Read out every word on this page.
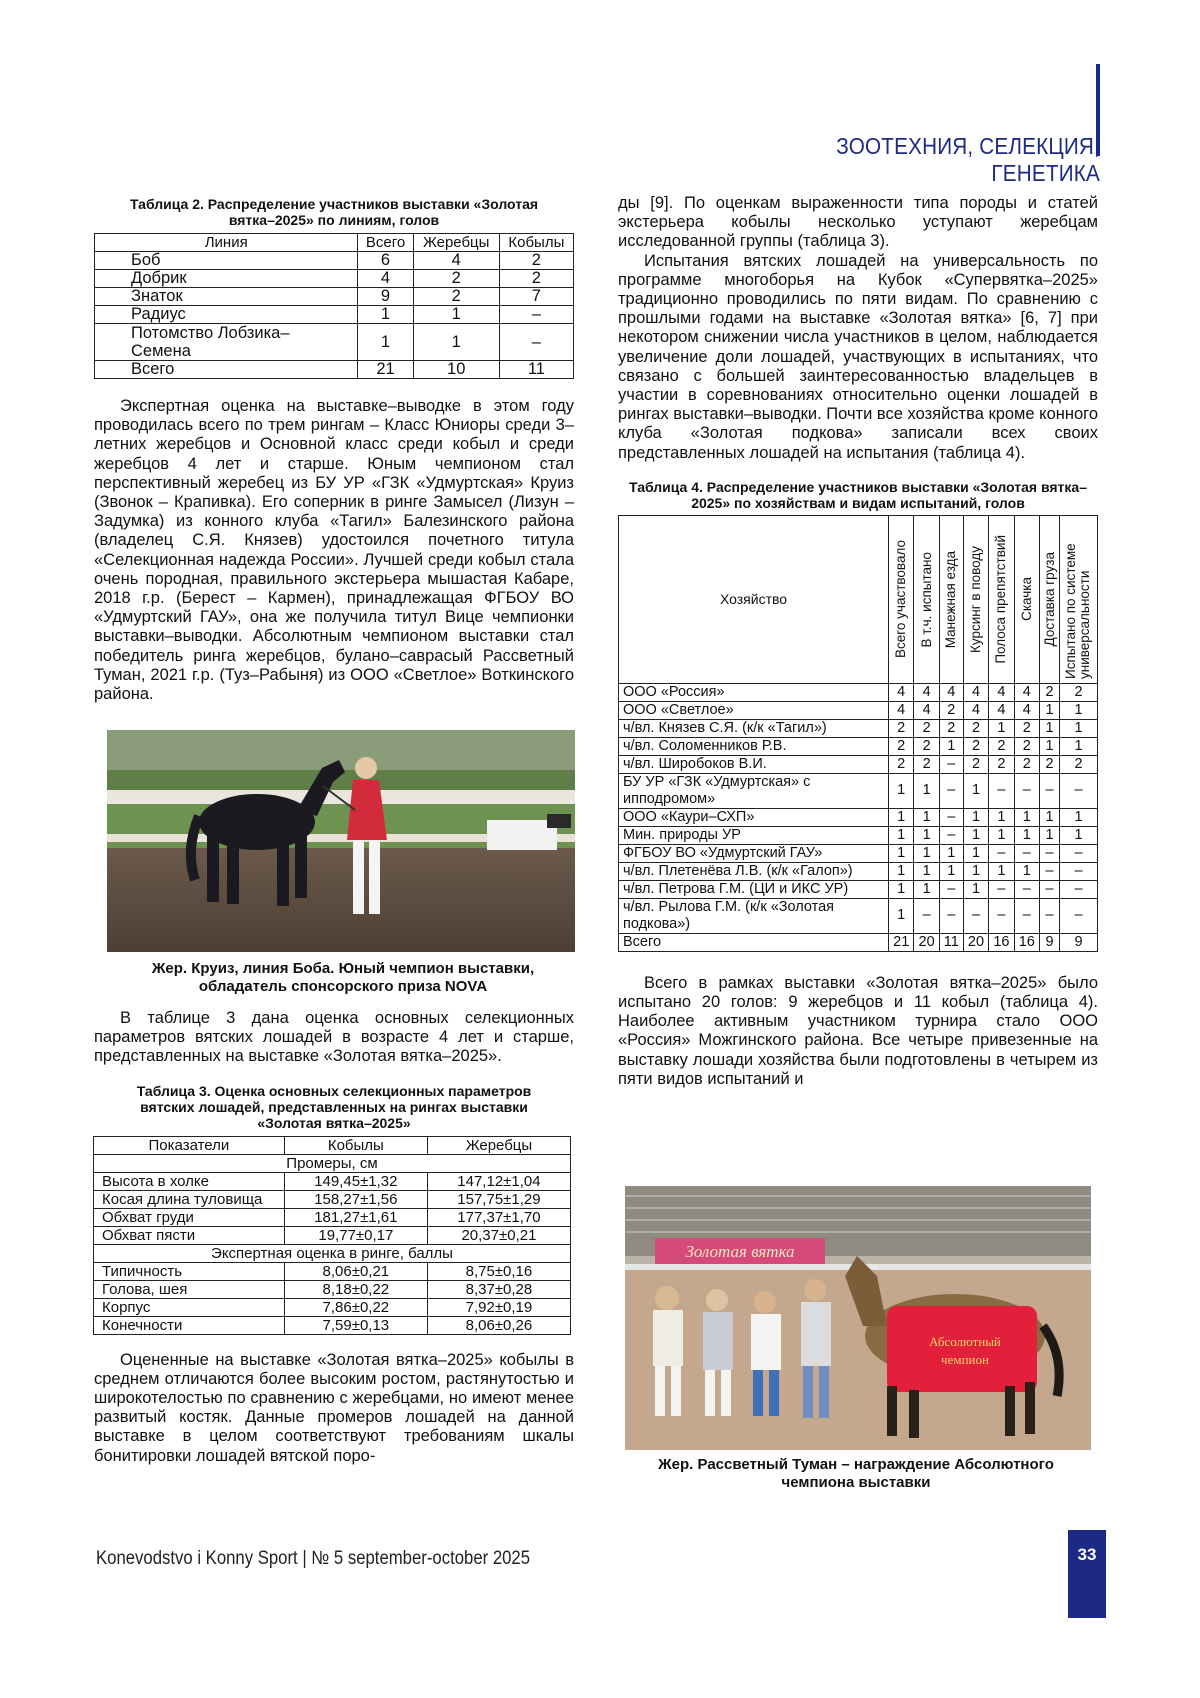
ЗООТЕХНИЯ, СЕЛЕКЦИЯ, ГЕНЕТИКА
Таблица 2. Распределение участников выставки «Золотая вятка–2025» по линиям, голов
Линия	Всего	Жеребцы	Кобылы
Боб	6	4	2
Добрик	4	2	2
Знаток	9	2	7
Радиус	1	1	–
Потомство Лобзика–Семена	1	1	–
Всего	21	10	11

Экспертная оценка на выставке–выводке в этом году проводилась всего по трем рингам – Класс Юниоры среди 3–летних жеребцов и Основной класс среди кобыл и среди жеребцов 4 лет и старше. Юным чемпионом стал перспективный жеребец из БУ УР «ГЗК «Удмуртская» Круиз (Звонок – Крапивка). Его соперник в ринге Замысел (Лизун – Задумка) из конного клуба «Тагил» Балезинского района (владелец С.Я. Князев) удостоился почетного титула «Селекционная надежда России». Лучшей среди кобыл стала очень породная, правильного экстерьера мышастая Кабаре, 2018 г.р. (Берест – Кармен), принадлежащая ФГБОУ ВО «Удмуртский ГАУ», она же получила титул Вице чемпионки выставки–выводки. Абсолютным чемпионом выставки стал победитель ринга жеребцов, булано–саврасый Рассветный Туман, 2021 г.р. (Туз–Рабыня) из ООО «Светлое» Воткинского района.

Жер. Круиз, линия Боба. Юный чемпион выставки, обладатель спонсорского приза NOVA

В таблице 3 дана оценка основных селекционных параметров вятских лошадей в возрасте 4 лет и старше, представленных на выставке «Золотая вятка–2025».

Таблица 3. Оценка основных селекционных параметров вятских лошадей, представленных на рингах выставки «Золотая вятка–2025»
Показатели	Кобылы	Жеребцы
Промеры, см
Высота в холке	149,45±1,32	147,12±1,04
Косая длина туловища	158,27±1,56	157,75±1,29
Обхват груди	181,27±1,61	177,37±1,70
Обхват пясти	19,77±0,17	20,37±0,21
Экспертная оценка в ринге, баллы
Типичность	8,06±0,21	8,75±0,16
Голова, шея	8,18±0,22	8,37±0,28
Корпус	7,86±0,22	7,92±0,19
Конечности	7,59±0,13	8,06±0,26

Оцененные на выставке «Золотая вятка–2025» кобылы в среднем отличаются более высоким ростом, растянутостью и широкотелостью по сравнению с жеребцами, но имеют менее развитый костяк. Данные промеров лошадей на данной выставке в целом соответствуют требованиям шкалы бонитировки лошадей вятской поро-

ды [9]. По оценкам выраженности типа породы и статей экстерьера кобылы несколько уступают жеребцам исследованной группы (таблица 3).

Испытания вятских лошадей на универсальность по программе многоборья на Кубок «Супервятка–2025» традиционно проводились по пяти видам. По сравнению с прошлыми годами на выставке «Золотая вятка» [6, 7] при некотором снижении числа участников в целом, наблюдается увеличение доли лошадей, участвующих в испытаниях, что связано с большей заинтересованностью владельцев в участии в соревнованиях относительно оценки лошадей в рингах выставки–выводки. Почти все хозяйства кроме конного клуба «Золотая подкова» записали всех своих представленных лошадей на испытания (таблица 4).

Таблица 4. Распределение участников выставки «Золотая вятка–2025» по хозяйствам и видам испытаний, голов
Хозяйство	Всего участвовало	В т.ч. испытано	Манежная езда	Курсинг в поводу	Полоса препятствий	Скачка	Доставка груза	Испытано по системе универсальности

ООО «Россия»	4	4	4	4	4	4	2	2
ООО «Светлое»	4	4	2	4	4	4	1	1
ч/вл. Князев С.Я. (к/к «Тагил»)	2	2	2	2	1	2	1	1
ч/вл. Соломенников Р.В.	2	2	1	2	2	2	1	1
ч/вл. Широбоков В.И.	2	2	–	2	2	2	2	2
БУ УР «ГЗК «Удмуртская» с ипподромом»	1	1	–	1	–	–	–	–
ООО «Каури–СХП»	1	1	–	1	1	1	1	1
Мин. природы УР	1	1	–	1	1	1	1	1
ФГБОУ ВО «Удмуртский ГАУ»	1	1	1	1	–	–	–	–
ч/вл. Плетенёва Л.В. (к/к «Галоп»)	1	1	1	1	1	1	–	–
ч/вл. Петрова Г.М. (ЦИ и ИКС УР)	1	1	–	1	–	–	–	–
ч/вл. Рылова Г.М. (к/к «Золотая подкова»)	1	–	–	–	–	–	–	–
Всего	21	20	11	20	16	16	9	9

Всего в рамках выставки «Золотая вятка–2025» было испытано 20 голов: 9 жеребцов и 11 кобыл (таблица 4). Наиболее активным участником турнира стало ООО «Россия» Можгинского района. Все четыре привезенные на выставку лошади хозяйства были подготовлены в четырем из пяти видов испытаний и

Золотая вятка
Абсолютный
чемпион
Жер. Рассветный Туман – награждение Абсолютного чемпиона выставки
Konevodstvo i Konny Sport | № 5 september-october 2025	33
